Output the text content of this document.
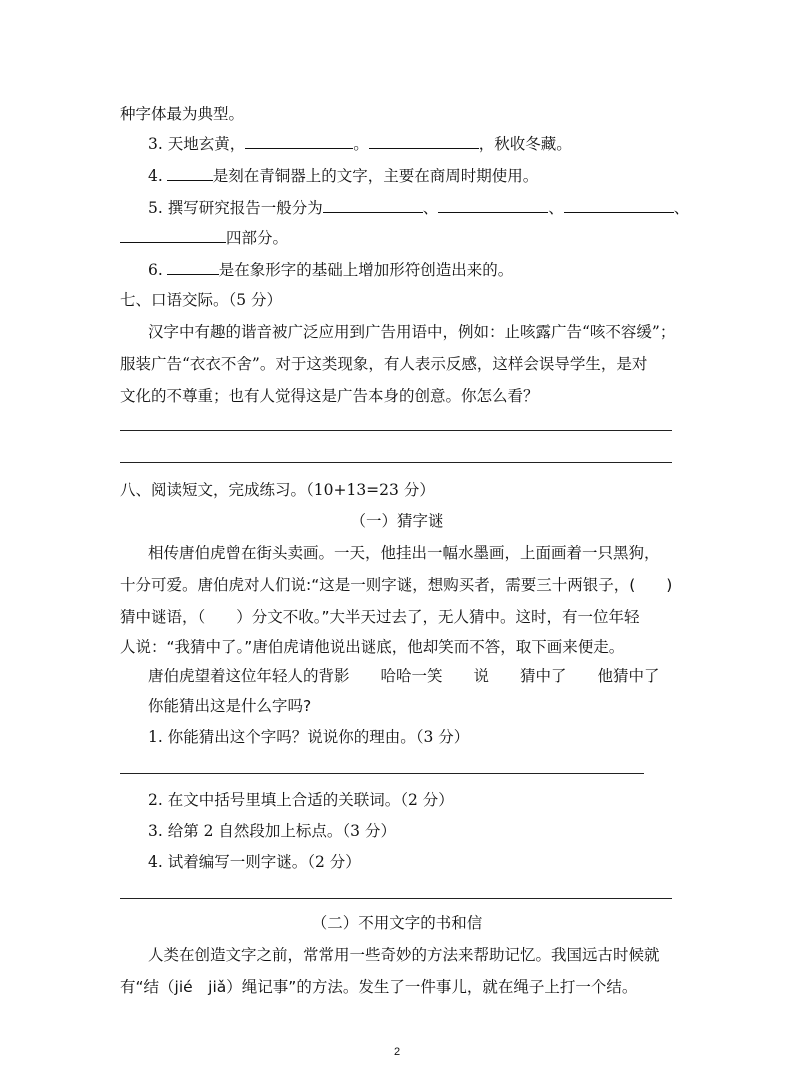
种字体最为典型。
3. 天地玄黄，	。	，秋收冬藏。
4.	是刻在青铜器上的文字，主要在商周时期使用。
5. 撰写研究报告一般分为	、	、	、
四部分。
6.	是在象形字的基础上增加形符创造出来的。
七、口语交际。（5 分）
汉字中有趣的谐音被广泛应用到广告用语中，例如：止咳露广告“咳不容缓”；
服装广告“衣衣不舍”。对于这类现象，有人表示反感，这样会误导学生，是对
文化的不尊重；也有人觉得这是广告本身的创意。你怎么看？
八、阅读短文，完成练习。（10+13=23 分）
（一）猜字谜
相传唐伯虎曾在街头卖画。一天，他挂出一幅水墨画，上面画着一只黑狗，
十分可爱。唐伯虎对人们说:“这是一则字谜，想购买者，需要三十两银子，(　　)
猜中谜语，（　　）分文不收。”大半天过去了，无人猜中。这时，有一位年轻
人说：“我猜中了。”唐伯虎请他说出谜底，他却笑而不答，取下画来便走。
唐伯虎望着这位年轻人的背影　　哈哈一笑　　说　　猜中了　　他猜中了
你能猜出这是什么字吗?
1. 你能猜出这个字吗？说说你的理由。（3 分）
2. 在文中括号里填上合适的关联词。（2 分）
3. 给第 2 自然段加上标点。（3 分）
4. 试着编写一则字谜。（2 分）
（二）不用文字的书和信
人类在创造文字之前，常常用一些奇妙的方法来帮助记忆。我国远古时候就
有“结（jié　jiǎ）绳记事”的方法。发生了一件事儿，就在绳子上打一个结。
2
